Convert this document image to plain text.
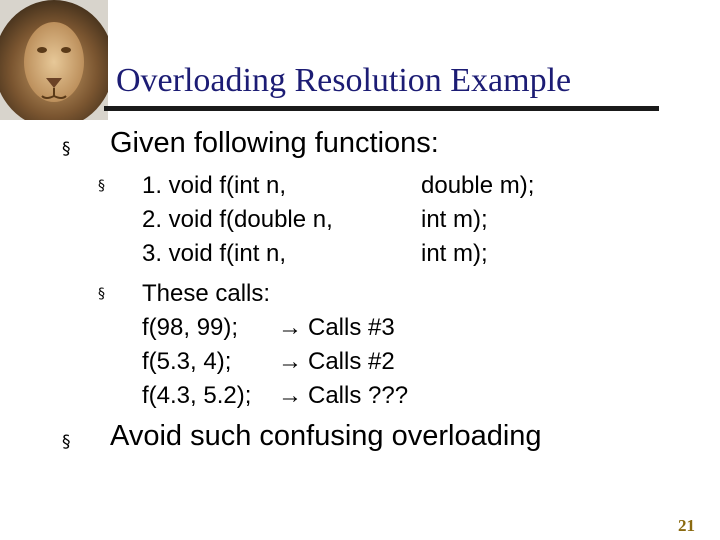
Overloading Resolution Example
§ Given following functions:
§ 1. void f(int n,	double m);
2. void f(double n,	int m);
3. void f(int n,	int m);
§ These calls:
f(98, 99); → Calls #3
f(5.3, 4); → Calls #2
f(4.3, 5.2); → Calls ???
§ Avoid such confusing overloading
21
